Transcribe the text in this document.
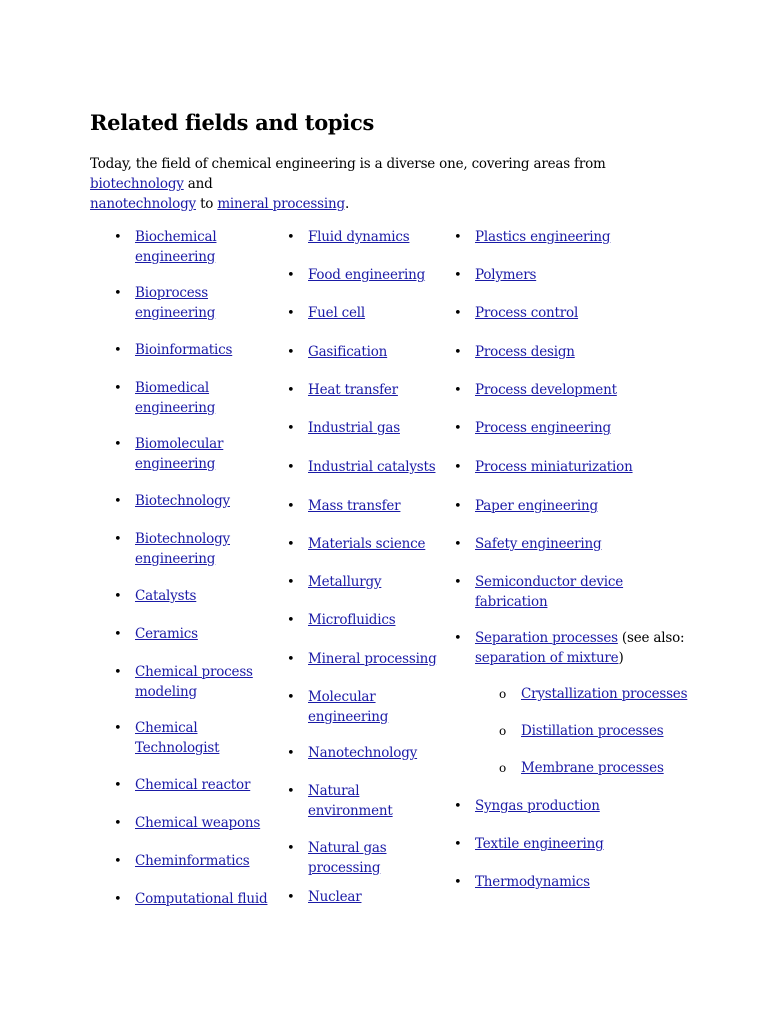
Related fields and topics
Today, the field of chemical engineering is a diverse one, covering areas from biotechnology and
nanotechnology to mineral processing.
• Biochemical
engineering
• Bioprocess
engineering
• Bioinformatics
• Biomedical
engineering
• Biomolecular
engineering
• Biotechnology
• Biotechnology
engineering
• Catalysts
• Ceramics
• Chemical process
modeling
• Chemical
Technologist
• Chemical reactor
• Chemical weapons
• Cheminformatics
• Computational fluid
• Fluid dynamics
• Food engineering
• Fuel cell
• Gasification
• Heat transfer
• Industrial gas
• Industrial catalysts
• Mass transfer
• Materials science
• Metallurgy
• Microfluidics
• Mineral processing
• Molecular
engineering
• Nanotechnology
• Natural
environment
• Natural gas
processing
• Nuclear
• Plastics engineering
• Polymers
• Process control
• Process design
• Process development
• Process engineering
• Process miniaturization
• Paper engineering
• Safety engineering
• Semiconductor device
fabrication
• Separation processes (see also:
separation of mixture)
o Crystallization processes
o Distillation processes
o Membrane processes
• Syngas production
• Textile engineering
• Thermodynamics
